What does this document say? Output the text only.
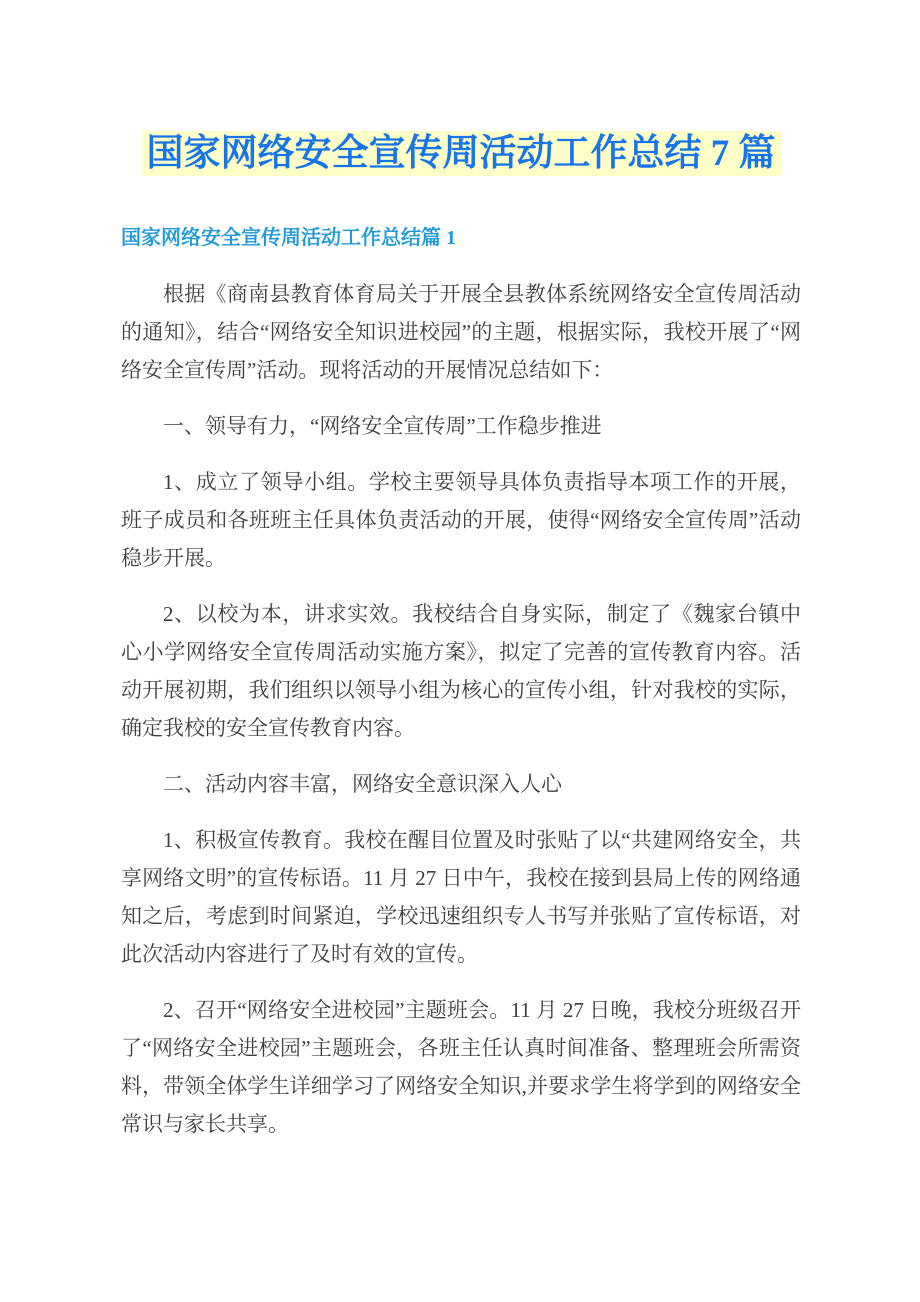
国家网络安全宣传周活动工作总结 7 篇
国家网络安全宣传周活动工作总结篇 1

根据《商南县教育体育局关于开展全县教体系统网络安全宣传周活动的通知》，结合“网络安全知识进校园”的主题，根据实际，我校开展了“网络安全宣传周”活动。现将活动的开展情况总结如下：

一、领导有力，“网络安全宣传周”工作稳步推进

1、成立了领导小组。学校主要领导具体负责指导本项工作的开展，班子成员和各班班主任具体负责活动的开展，使得“网络安全宣传周”活动稳步开展。

2、以校为本，讲求实效。我校结合自身实际，制定了《魏家台镇中心小学网络安全宣传周活动实施方案》，拟定了完善的宣传教育内容。活动开展初期，我们组织以领导小组为核心的宣传小组，针对我校的实际，确定我校的安全宣传教育内容。

二、活动内容丰富，网络安全意识深入人心

1、积极宣传教育。我校在醒目位置及时张贴了以“共建网络安全，共享网络文明”的宣传标语。11 月 27 日中午，我校在接到县局上传的网络通知之后，考虑到时间紧迫，学校迅速组织专人书写并张贴了宣传标语，对此次活动内容进行了及时有效的宣传。

2、召开“网络安全进校园”主题班会。11 月 27 日晚，我校分班级召开了“网络安全进校园”主题班会，各班主任认真时间准备、整理班会所需资料，带领全体学生详细学习了网络安全知识,并要求学生将学到的网络安全常识与家长共享。
